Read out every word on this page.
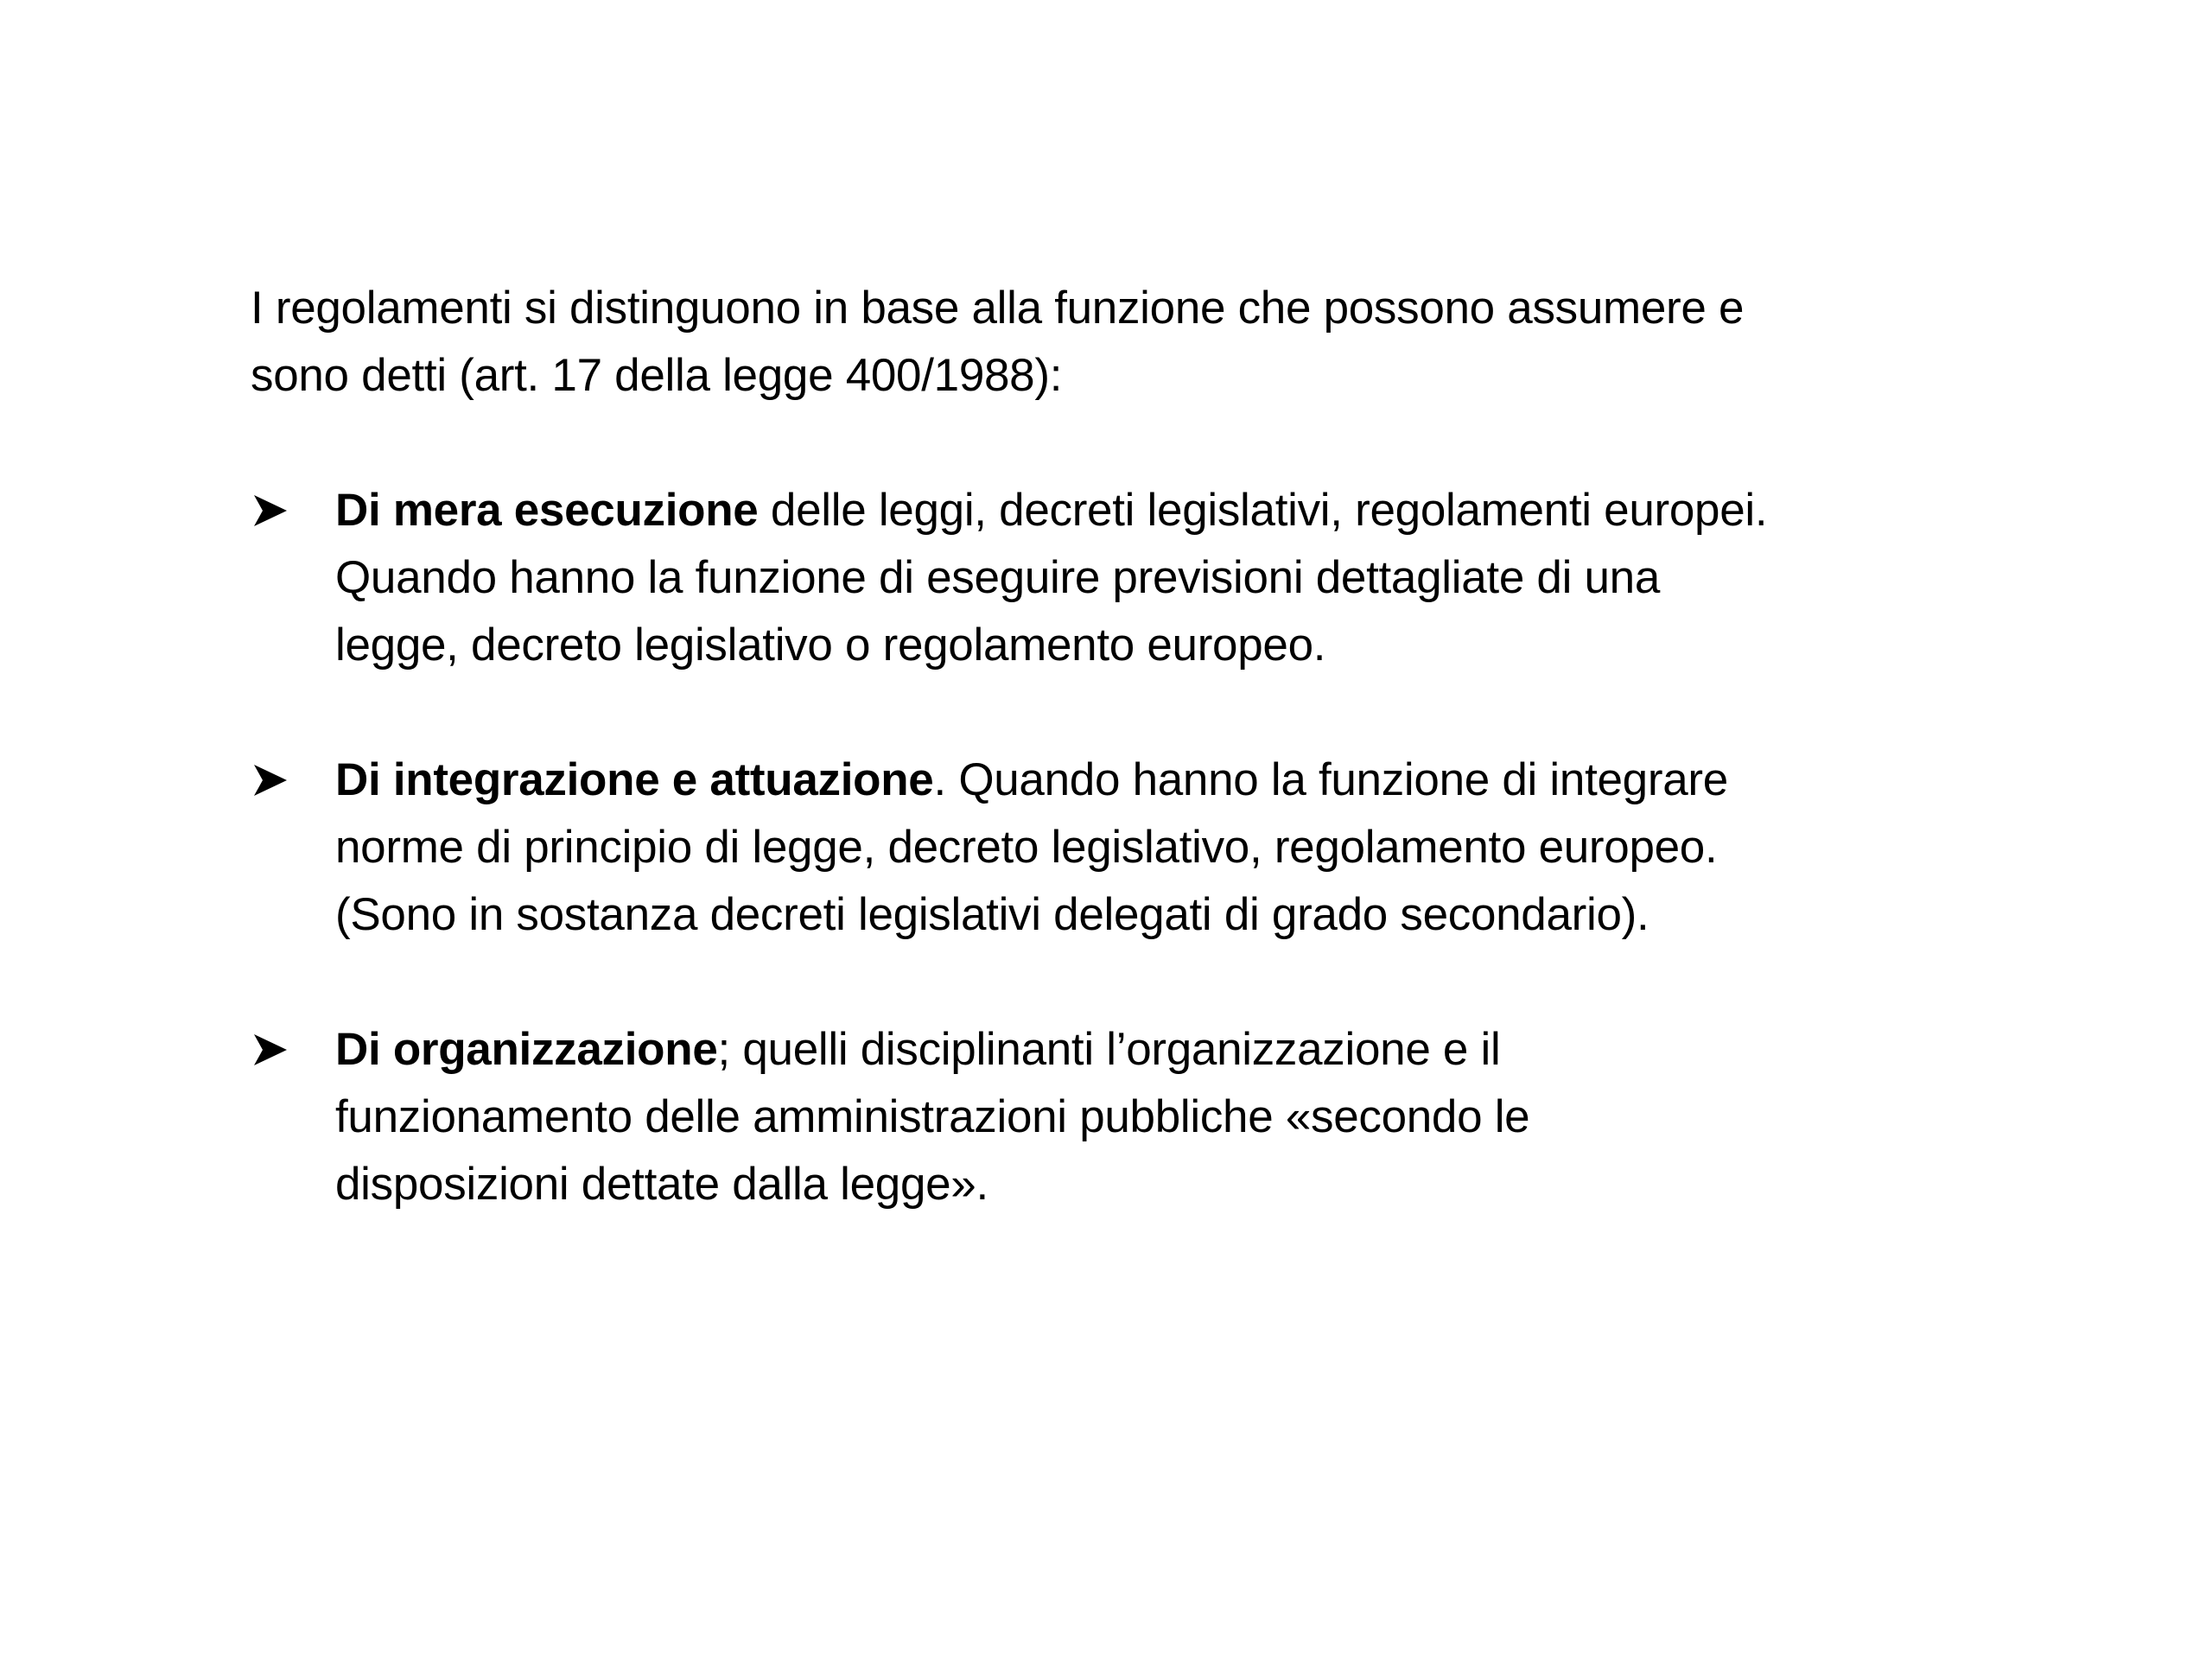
I regolamenti si distinguono in base alla funzione che possono assumere e
sono detti (art. 17 della legge 400/1988):

Di mera esecuzione delle leggi, decreti legislativi, regolamenti europei.
Quando hanno la funzione di eseguire previsioni dettagliate di una
legge, decreto legislativo o regolamento europeo.
Di integrazione e attuazione. Quando hanno la funzione di integrare
norme di principio di legge, decreto legislativo, regolamento europeo.
(Sono in sostanza decreti legislativi delegati di grado secondario).
Di organizzazione; quelli disciplinanti l’organizzazione e il
funzionamento delle amministrazioni pubbliche «secondo le
disposizioni dettate dalla legge».
